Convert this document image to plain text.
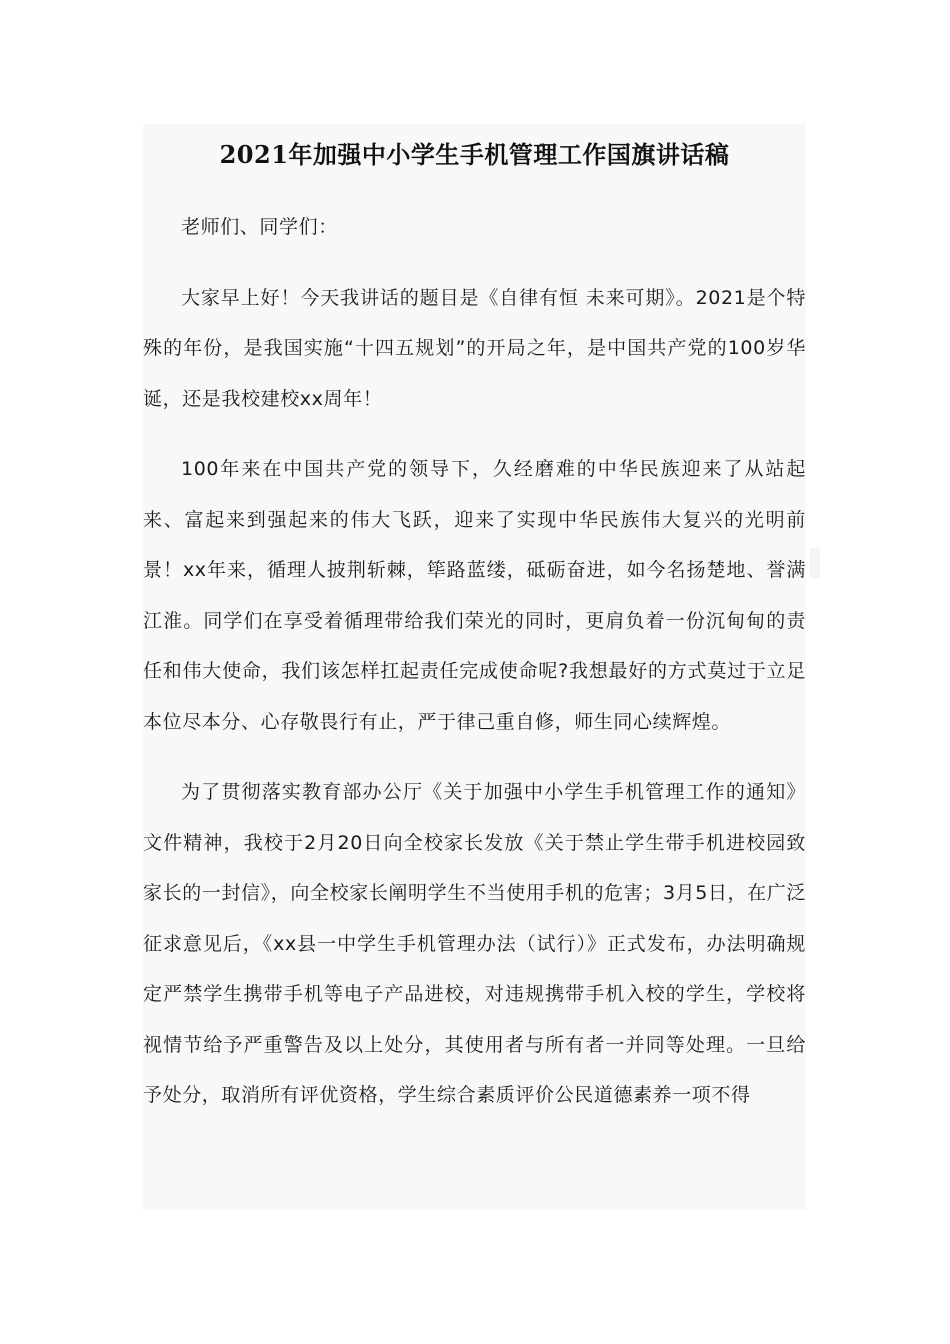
2021年加强中小学生手机管理工作国旗讲话稿

老师们、同学们：

大家早上好！今天我讲话的题目是《自律有恒 未来可期》。2021是个特殊的年份，是我国实施“十四五规划”的开局之年，是中国共产党的100岁华诞，还是我校建校xx周年！

100年来在中国共产党的领导下，久经磨难的中华民族迎来了从站起来、富起来到强起来的伟大飞跃，迎来了实现中华民族伟大复兴的光明前景！xx年来，循理人披荆斩棘，筚路蓝缕，砥砺奋进，如今名扬楚地、誉满江淮。同学们在享受着循理带给我们荣光的同时，更肩负着一份沉甸甸的责任和伟大使命，我们该怎样扛起责任完成使命呢?我想最好的方式莫过于立足本位尽本分、心存敬畏行有止，严于律己重自修，师生同心续辉煌。

为了贯彻落实教育部办公厅《关于加强中小学生手机管理工作的通知》文件精神，我校于2月20日向全校家长发放《关于禁止学生带手机进校园致家长的一封信》，向全校家长阐明学生不当使用手机的危害；3月5日，在广泛征求意见后，《xx县一中学生手机管理办法（试行）》正式发布，办法明确规定严禁学生携带手机等电子产品进校，对违规携带手机入校的学生，学校将视情节给予严重警告及以上处分，其使用者与所有者一并同等处理。一旦给予处分，取消所有评优资格，学生综合素质评价公民道德素养一项不得
